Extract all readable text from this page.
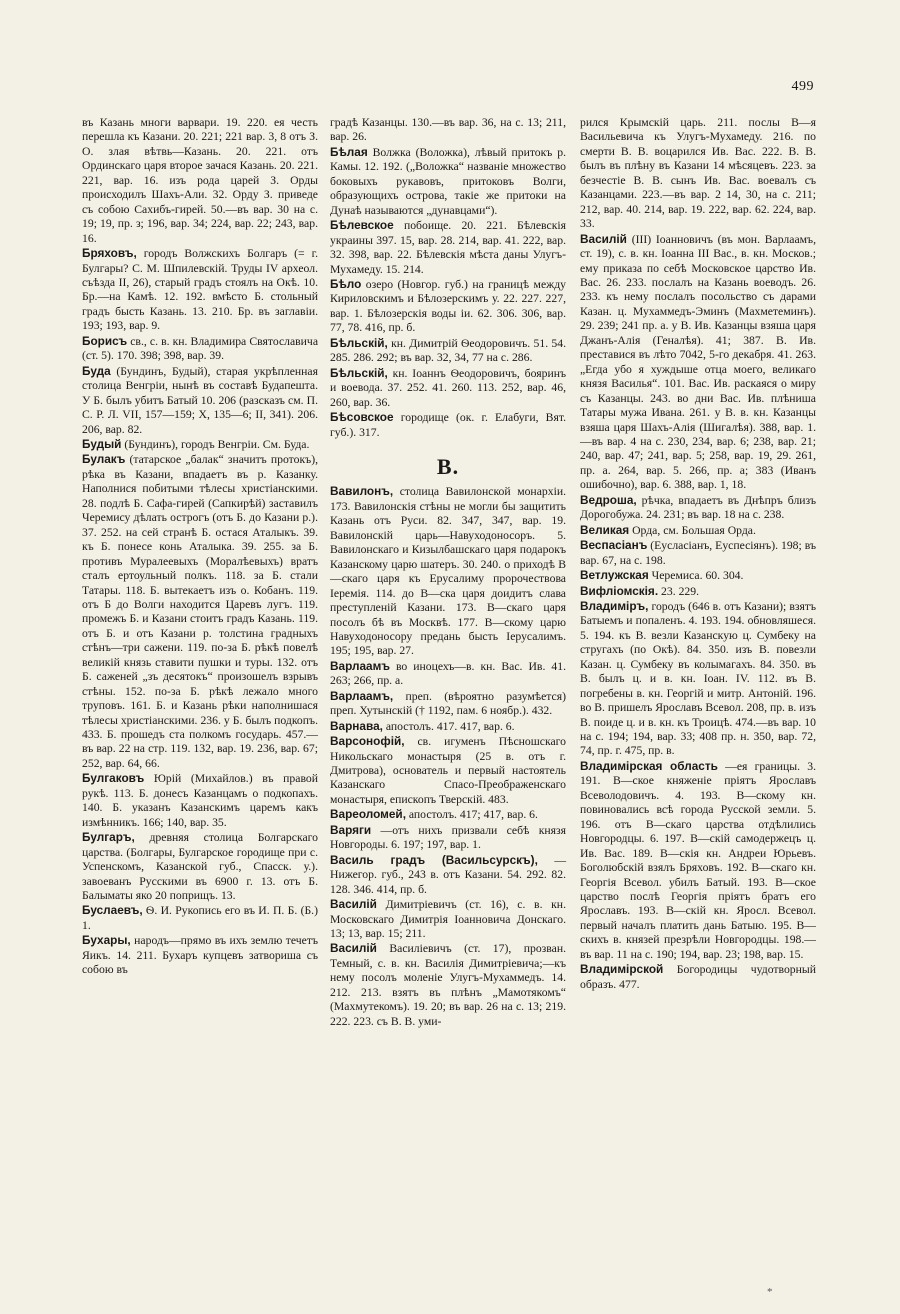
499

въ Казань многи варвари. 19. 220. ея честь перешла къ Казани. 20. 221; 221 вар. 3, 8 отъ З. О. злая вѣтвь—Казань. 20. 221. отъ Ординскаго царя второе зачася Казань. 20. 221. 221, вар. 16. изъ рода царей З. Орды происходилъ Шахъ-Али. 32. Орду З. приведе съ собою Сахибъ-гирей. 50.—въ вар. 30 на с. 19; 19, пр. з; 196, вар. 34; 224, вар. 22; 243, вар. 16.

Бряховъ, городъ Волжскихъ Болгаръ (= г. Булгары? С. М. Шпилевскій. Труды IV археол. съѣзда II, 26), старый градъ стоялъ на Окѣ. 10. Бр.—на Камѣ. 12. 192. вмѣсто Б. стольный градъ бысть Казань. 13. 210. Бр. въ заглавіи. 193; 193, вар. 9.

Борисъ св., с. в. кн. Владимира Святославича (ст. 5). 170. 398; 398, вар. 39.

Буда (Бундинъ, Будый), старая укрѣпленная столица Венгріи, нынѣ въ составѣ Будапешта. У Б. былъ убитъ Батый 10. 206 (разсказъ см. П. С. Р. Л. VII, 157—159; X, 135—6; II, 341). 206. 206, вар. 82.

Будый (Бундинъ), городъ Венгріи. См. Буда.

Булакъ (татарское „балак“ значитъ протокъ), рѣка въ Казани, впадаетъ въ р. Казанку. Наполнися побитыми тѣлесы христіанскими. 28. подлѣ Б. Сафа-гирей (Сапкирѣй) заставилъ Черемису дѣлать острогъ (отъ Б. до Казани р.). 37. 252. на сей странѣ Б. остася Аталыкъ. 39. къ Б. понесе конь Аталыка. 39. 255. за Б. противъ Муралеевыхъ (Моралѣевыхъ) вратъ сталъ ертоульный полкъ. 118. за Б. стали Татары. 118. Б. вытекаетъ изъ о. Кобанъ. 119. отъ Б до Волги находится Царевъ лугъ. 119. промежъ Б. и Казани стоитъ градъ Казань. 119. отъ Б. и отъ Казани р. толстина градныхъ стѣнъ—три сажени. 119. по-за Б. рѣкѣ повелѣ великій князь ставити пушки и туры. 132. отъ Б. саженей „зъ десятокъ“ произошелъ взрывъ стѣны. 152. по-за Б. рѣкѣ лежало много труповъ. 161. Б. и Казань рѣки наполнишася тѣлесы христіанскими. 236. у Б. былъ подкопъ. 433. Б. прошедъ ста полкомъ государь. 457.—въ вар. 22 на стр. 119. 132, вар. 19. 236, вар. 67; 252, вар. 64, 66.

Булгаковъ Юрій (Михайлов.) въ правой рукѣ. 113. Б. донесъ Казанцамъ о подкопахъ. 140. Б. указанъ Казанскимъ царемъ какъ измѣнникъ. 166; 140, вар. 35.

Булгаръ, древняя столица Болгарскаго царства. (Болгары, Булгарское городище при с. Успенскомъ, Казанской губ., Спасск. у.). завоеванъ Русскими въ 6900 г. 13. отъ Б. Балыматы яко 20 поприщъ. 13.

Буслаевъ, Ѳ. И. Рукопись его въ И. П. Б. (Б.) 1.

Бухары, народъ—прямо въ ихъ землю течетъ Яикъ. 14. 211. Бухаръ купцевъ затвориша съ собою въ

градѣ Казанцы. 130.—въ вар. 36, на с. 13; 211, вар. 26.

Бѣлая Волжка (Воложка), лѣвый притокъ р. Камы. 12. 192. („Воложка“ названіе множество боковыхъ рукавовъ, притоковъ Волги, образующихъ острова, такіе же притоки на Дунаѣ называются „дунавцами“).

Бѣлевское побоище. 20. 221. Бѣлевскія украины 397. 15, вар. 28. 214, вар. 41. 222, вар. 32. 398, вар. 22. Бѣлевскія мѣста даны Улугъ-Мухамеду. 15. 214.

Бѣло озеро (Новгор. губ.) на границѣ между Кириловскимъ и Бѣлозерскимъ у. 22. 227. 227, вар. 1. Бѣлозерскія воды іи. 62. 306. 306, вар. 77, 78. 416, пр. б.

Бѣльскій, кн. Димитрій Ѳеодоровичъ. 51. 54. 285. 286. 292; въ вар. 32, 34, 77 на с. 286.

Бѣльскій, кн. Іоаннъ Ѳеодоровичъ, бояринъ и воевода. 37. 252. 41. 260. 113. 252, вар. 46, 260, вар. 36.

Бѣсовское городище (ок. г. Елабуги, Вят. губ.). 317.

В.

Вавилонъ, столица Вавилонской монархіи. 173. Вавилонскія стѣны не могли бы защитить Казань отъ Руси. 82. 347, 347, вар. 19. Вавилонскій царь—Навуходоносоръ. 5. Вавилонскаго и Кизылбашскаго царя подарокъ Казанскому царю шатеръ. 30. 240. о приходѣ В—скаго царя къ Ерусалиму пророчествова Іеремія. 114. до В—ска царя доидитъ слава преступленій Казани. 173. В—скаго царя посолъ бѣ въ Москвѣ. 177. В—скому царю Навуходоносору предань бысть Іерусалимъ. 195; 195, вар. 27.

Варлаамъ во иноцехъ—в. кн. Вас. Ив. 41. 263; 266, пр. а.

Варлаамъ, преп. (вѣроятно разумѣется) преп. Хутынскій († 1192, пам. 6 ноябр.). 432.

Варнава, апостолъ. 417. 417, вар. 6.

Варсонофій, св. игуменъ Пѣсношскаго Никольскаго монастыря (25 в. отъ г. Дмитрова), основатель и первый настоятель Казанскаго Спасо-Преображенскаго монастыря, епископъ Тверскій. 483.

Вареоломей, апостолъ. 417; 417, вар. 6.

Варяги —отъ нихъ призвали себѣ князя Новгороды. 6. 197; 197, вар. 1.

Василь градъ (Васильсурскъ), —Нижегор. губ., 243 в. отъ Казани. 54. 292. 82. 128. 346. 414, пр. б.

Василій Димитріевичъ (ст. 16), с. в. кн. Московскаго Димитрія Іоанновича Донскаго. 13; 13, вар. 15; 211.

Василій Василіевичъ (ст. 17), прозван. Темный, с. в. кн. Василія Димитріевича;—къ нему посолъ моленіе Улугъ-Мухаммедъ. 14. 212. 213. взятъ въ плѣнъ „Мамотякомъ“ (Махмутекомъ). 19. 20; въ вар. 26 на с. 13; 219. 222. 223. съ В. В. уми-

рился Крымскій царь. 211. послы В—я Васильевича къ Улугъ-Мухамеду. 216. по смерти В. В. воцарился Ив. Вас. 222. В. В. былъ въ плѣну въ Казани 14 мѣсяцевъ. 223. за безчестіе В. В. сынъ Ив. Вас. воевалъ съ Казанцами. 223.—въ вар. 2 14, 30, на с. 211; 212, вар. 40. 214, вар. 19. 222, вар. 62. 224, вар. 33.

Василій (III) Іоанновичъ (въ мон. Варлаамъ, ст. 19), с. в. кн. Іоанна III Вас., в. кн. Москов.; ему приказа по себѣ Московское царство Ив. Вас. 26. 233. послалъ на Казань воеводъ. 26. 233. къ нему послалъ посольство съ дарами Казан. ц. Мухаммедъ-Эминъ (Махметеминъ). 29. 239; 241 пр. а. у В. Ив. Казанцы взяша царя Джанъ-Алія (Геналѣя). 41; 387. В. Ив. преставися въ лѣто 7042, 5-го декабря. 41. 263. „Егда убо я хуждыше отца моего, великаго князя Василья“. 101. Вас. Ив. раскаяся о миру съ Казанцы. 243. во дни Вас. Ив. плѣниша Татары мужа Ивана. 261. у В. в. кн. Казанцы взяша царя Шахъ-Алія (Шигалѣя). 388, вар. 1.—въ вар. 4 на с. 230, 234, вар. 6; 238, вар. 21; 240, вар. 47; 241, вар. 5; 258, вар. 19, 29. 261, пр. а. 264, вар. 5. 266, пр. а; 383 (Иванъ ошибочно), вар. 6. 388, вар. 1, 18.

Ведроша, рѣчка, впадаетъ въ Днѣпръ близъ Дорогобужа. 24. 231; въ вар. 18 на с. 238.

Великая Орда, см. Большая Орда.

Веспасіанъ (Еусласіанъ, Еуспесіянъ). 198; въ вар. 67, на с. 198.

Ветлужская Черемиса. 60. 304.

Вифліомскія. 23. 229.

Владиміръ, городъ (646 в. отъ Казани); взятъ Батыемъ и попаленъ. 4. 193. 194. обновляшеся. 5. 194. къ В. везли Казанскую ц. Сумбеку на стругахъ (по Окѣ). 84. 350. изъ В. повезли Казан. ц. Сумбеку въ колымагахъ. 84. 350. въ В. былъ ц. и в. кн. Іоан. IV. 112. въ В. погребены в. кн. Георгій и митр. Антоній. 196. во В. пришелъ Ярославъ Всевол. 208, пр. в. изъ В. поиде ц. и в. кн. къ Троицѣ. 474.—въ вар. 10 на с. 194; 194, вар. 33; 408 пр. н. 350, вар. 72, 74, пр. г. 475, пр. в.

Владимірская область —ея границы. 3. 191. В—ское княженіе пріятъ Ярославъ Всеволодовичъ. 4. 193. В—скому кн. повиновались всѣ города Русской земли. 5. 196. отъ В—скаго царства отдѣлились Новгородцы. 6. 197. В—скій самодержецъ ц. Ив. Вас. 189. В—скія кн. Андреи Юрьевъ. Боголюбскій взялъ Бряховъ. 192. В—скаго кн. Георгія Всевол. убилъ Батый. 193. В—ское царство послѣ Георгія пріятъ братъ его Ярославъ. 193. В—скій кн. Яросл. Всевол. первый началъ платить дань Батыю. 195. В—скихъ в. князей презрѣли Новгородцы. 198.—въ вар. 11 на с. 190; 194, вар. 23; 198, вар. 15.

Владимірской Богородицы чудотворный образъ. 477.

*
